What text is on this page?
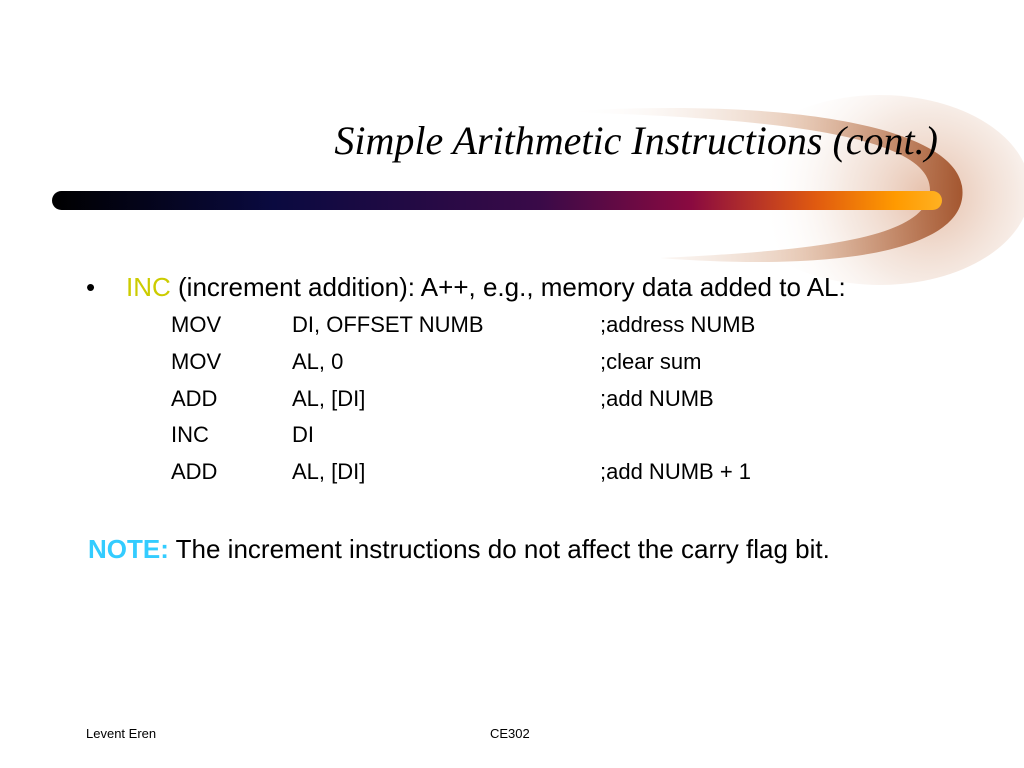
Simple Arithmetic Instructions (cont.)
• INC (increment addition): A++, e.g., memory data added to AL:
MOV	DI, OFFSET NUMB	;address NUMB
MOV	AL, 0	;clear sum
ADD	AL, [DI]	;add NUMB
INC	DI
ADD	AL, [DI]	;add NUMB + 1
NOTE: The increment instructions do not affect the carry flag bit.
Levent Eren	CE302
